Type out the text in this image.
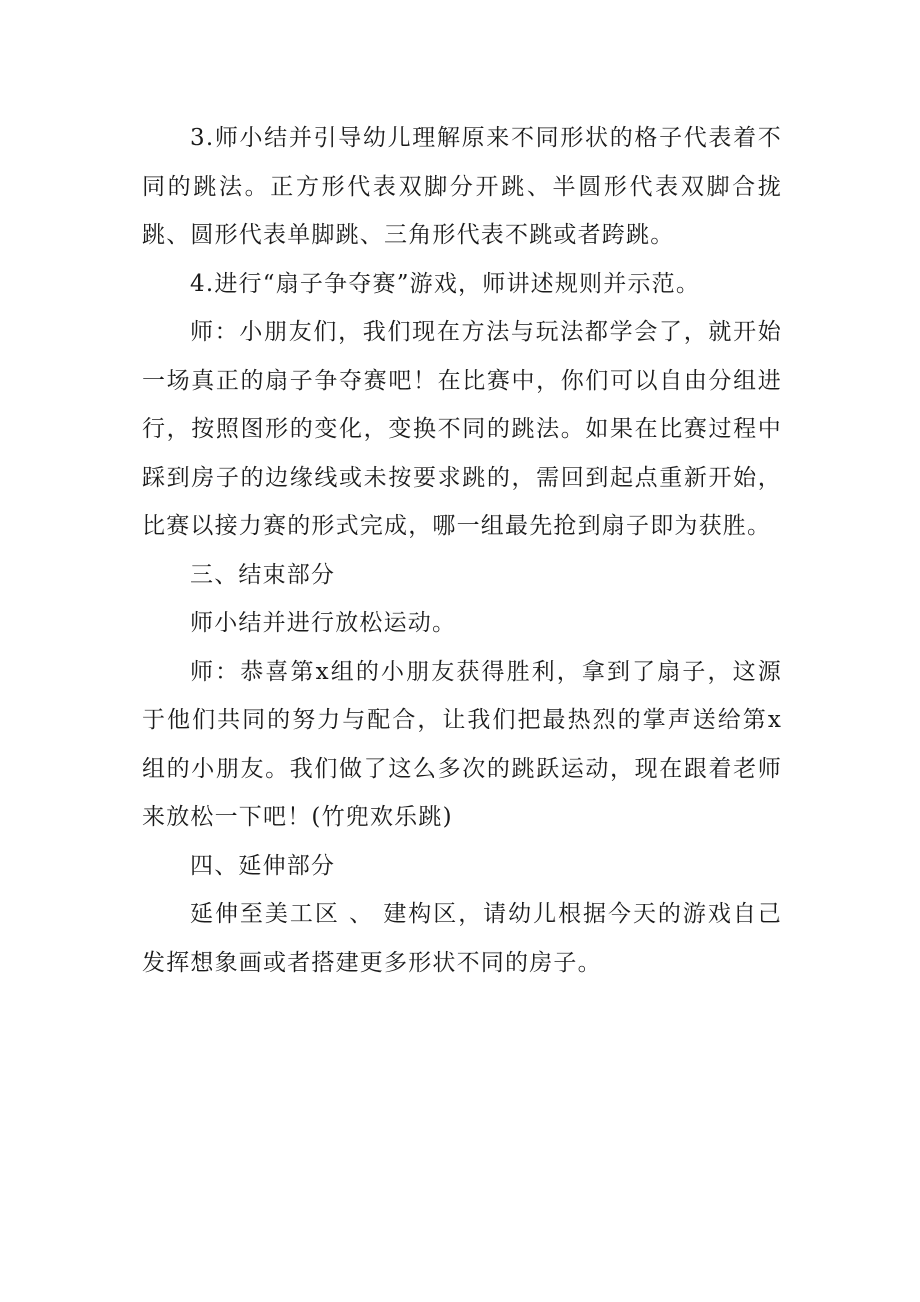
3.师小结并引导幼儿理解原来不同形状的格子代表着不同的跳法。正方形代表双脚分开跳、半圆形代表双脚合拢跳、圆形代表单脚跳、三角形代表不跳或者跨跳。

4.进行“扇子争夺赛”游戏，师讲述规则并示范。

师：小朋友们，我们现在方法与玩法都学会了，就开始一场真正的扇子争夺赛吧！在比赛中，你们可以自由分组进行，按照图形的变化，变换不同的跳法。如果在比赛过程中踩到房子的边缘线或未按要求跳的，需回到起点重新开始，比赛以接力赛的形式完成，哪一组最先抢到扇子即为获胜。

三、结束部分

师小结并进行放松运动。

师：恭喜第x组的小朋友获得胜利，拿到了扇子，这源于他们共同的努力与配合，让我们把最热烈的掌声送给第x组的小朋友。我们做了这么多次的跳跃运动，现在跟着老师来放松一下吧！(竹兜欢乐跳)

四、延伸部分

延伸至美工区 、 建构区，请幼儿根据今天的游戏自己发挥想象画或者搭建更多形状不同的房子。
